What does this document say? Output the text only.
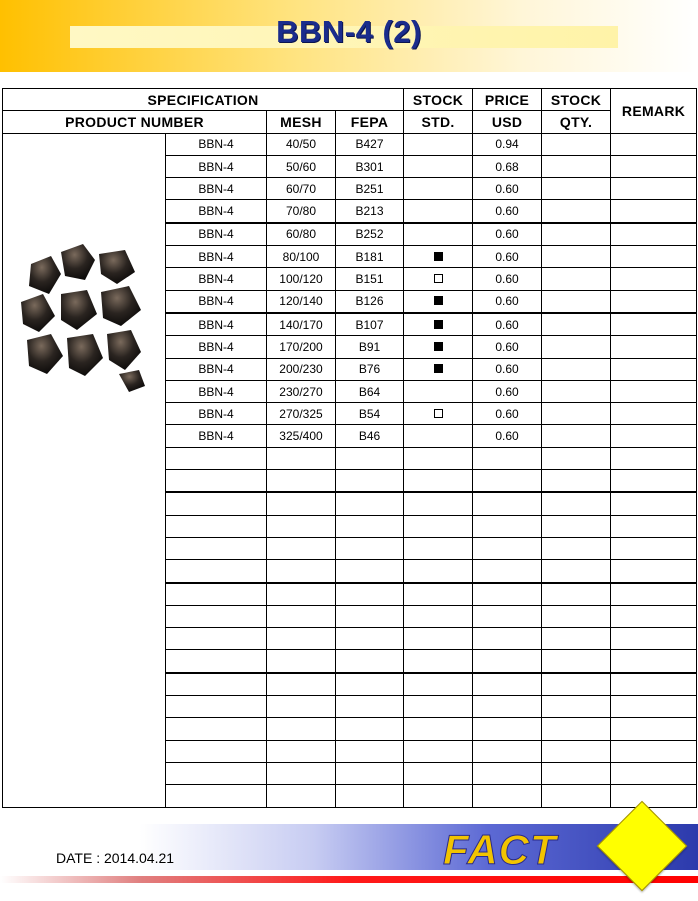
BBN-4 (2)
SPECIFICATION				STOCK	PRICE	STOCK	REMARK
PRODUCT NUMBER		MESH	FEPA	STD.	USD	QTY.	
	BBN-4	40/50	B427		0.94		
	BBN-4	50/60	B301		0.68		
	BBN-4	60/70	B251		0.60		
	BBN-4	70/80	B213		0.60		
	BBN-4	60/80	B252		0.60		
	BBN-4	80/100	B181		0.60		
	BBN-4	100/120	B151		0.60		
	BBN-4	120/140	B126		0.60		
	BBN-4	140/170	B107		0.60		
	BBN-4	170/200	B91		0.60		
	BBN-4	200/230	B76		0.60		
	BBN-4	230/270	B64		0.60		
	BBN-4	270/325	B54		0.60		
	BBN-4	325/400	B46		0.60		

DATE : 2014.04.21	FACT
